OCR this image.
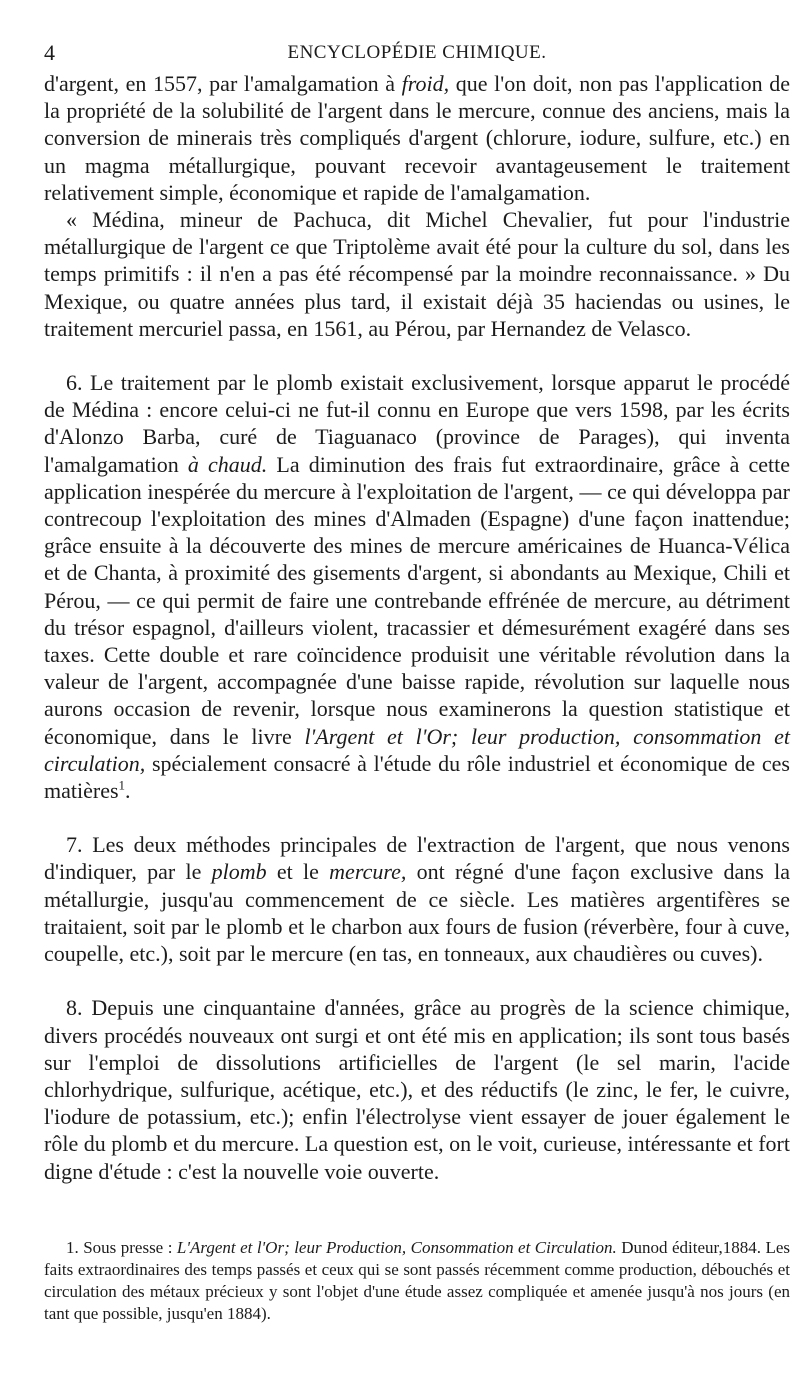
4	ENCYCLOPÉDIE CHIMIQUE.

d'argent, en 1557, par l'amalgamation à froid, que l'on doit, non pas l'application de la propriété de la solubilité de l'argent dans le mercure, connue des anciens, mais la conversion de minerais très compliqués d'argent (chlorure, iodure, sulfure, etc.) en un magma métallurgique, pouvant recevoir avantageusement le traitement relativement simple, économique et rapide de l'amalgamation.

« Médina, mineur de Pachuca, dit Michel Chevalier, fut pour l'industrie métallurgique de l'argent ce que Triptolème avait été pour la culture du sol, dans les temps primitifs : il n'en a pas été récompensé par la moindre reconnaissance. » Du Mexique, ou quatre années plus tard, il existait déjà 35 haciendas ou usines, le traitement mercuriel passa, en 1561, au Pérou, par Hernandez de Velasco.

6. Le traitement par le plomb existait exclusivement, lorsque apparut le procédé de Médina : encore celui-ci ne fut-il connu en Europe que vers 1598, par les écrits d'Alonzo Barba, curé de Tiaguanaco (province de Parages), qui inventa l'amalgamation à chaud. La diminution des frais fut extraordinaire, grâce à cette application inespérée du mercure à l'exploitation de l'argent, — ce qui développa par contrecoup l'exploitation des mines d'Almaden (Espagne) d'une façon inattendue; grâce ensuite à la découverte des mines de mercure américaines de Huanca-Vélica et de Chanta, à proximité des gisements d'argent, si abondants au Mexique, Chili et Pérou, — ce qui permit de faire une contrebande effrénée de mercure, au détriment du trésor espagnol, d'ailleurs violent, tracassier et démesurément exagéré dans ses taxes. Cette double et rare coïncidence produisit une véritable révolution dans la valeur de l'argent, accompagnée d'une baisse rapide, révolution sur laquelle nous aurons occasion de revenir, lorsque nous examinerons la question statistique et économique, dans le livre l'Argent et l'Or; leur production, consommation et circulation, spécialement consacré à l'étude du rôle industriel et économique de ces matières$^1$.

7. Les deux méthodes principales de l'extraction de l'argent, que nous venons d'indiquer, par le plomb et le mercure, ont régné d'une façon exclusive dans la métallurgie, jusqu'au commencement de ce siècle. Les matières argentifères se traitaient, soit par le plomb et le charbon aux fours de fusion (réverbère, four à cuve, coupelle, etc.), soit par le mercure (en tas, en tonneaux, aux chaudières ou cuves).

8. Depuis une cinquantaine d'années, grâce au progrès de la science chimique, divers procédés nouveaux ont surgi et ont été mis en application; ils sont tous basés sur l'emploi de dissolutions artificielles de l'argent (le sel marin, l'acide chlorhydrique, sulfurique, acétique, etc.), et des réductifs (le zinc, le fer, le cuivre, l'iodure de potassium, etc.); enfin l'électrolyse vient essayer de jouer également le rôle du plomb et du mercure. La question est, on le voit, curieuse, intéressante et fort digne d'étude : c'est la nouvelle voie ouverte.

1. Sous presse : L'Argent et l'Or; leur Production, Consommation et Circulation. Dunod éditeur,1884. Les faits extraordinaires des temps passés et ceux qui se sont passés récemment comme production, débouchés et circulation des métaux précieux y sont l'objet d'une étude assez compliquée et amenée jusqu'à nos jours (en tant que possible, jusqu'en 1884).
